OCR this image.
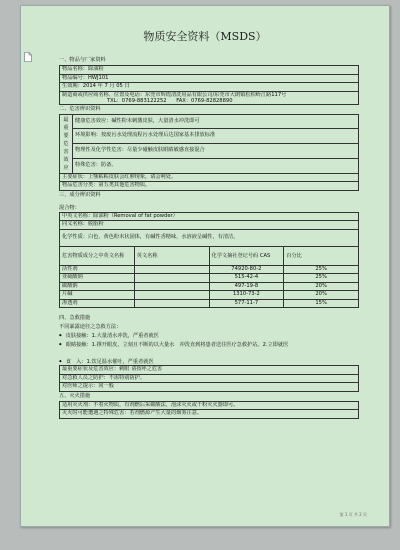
物质安全资料（MSDS）
一、物品与厂家资料
物品名称：除油粉
物品编号：HWJ101
生效期：2014 年 7 月 05 日
制造商或供应商名称、位置及电话：东莞市辉煌清洗用品有限公司/东莞市大朗镇松柏岭江路117号
TXL：0769-883122252 FAX：0769-82828890
二、危害辨识资料
最
重
要
危
害
效
应
	健康危害效应：碱性粉末刺激皮肤，大量清水冲洗即可
环境影响：按废污水处理流程污水处理后达国家基本排放标准
物理性及化学性危害：尽量少碰触皮肤眼睛敏感直接混合
特殊危害：防备。
主要症状：上颚粘粘皮肤会红肿现象，请会呵处。
物品危害分类：第五类其他危害物质。
三、成分辨识资料
混合物：
中英文名称：除油粉（Removal of fat powder）			
同义名称：脱脂粉			
化学性质：白色，黄色粉末状固体，有碱性香精味，水溶液呈碱性，有清洁。			
危害物质成分之中英文名称	英文名称	化学文摘社登记号码 CAS	百分比
活性剂		74920-80-2	25%
亚硫酸钠		515-42-4	25%
碳酸钠		497-19-8	20%
片碱		1310-73-2	20%
渗透剂		577-11-7	15%
四、急救措施
不同暴露途径之急救方法：
◆ 皮肤接触：1.大量清水冲洗，严重者就医
◆ 眼睛接触：1.撑开眼皮，立刻且不断的以大量水　冲洗直到将患者送往医疗急救护站。2.立即就医
◆ 食　入：1.饮足温水催吐，严重者就医
最重要症状及危害效应：刺眼 请按呼之危害
对急救人员之防护：不需特别防护。
对医师之提示：同一般
五、灭火措施
适用灭火剂：不着火物质，有剂燃后采碳酸法，泡沫灭火或干粉灭火器即可。
灭火时可能遭遇之特殊危害：若剂燃源产生大量的烟雾注意。
第 1 页 共 2 页
